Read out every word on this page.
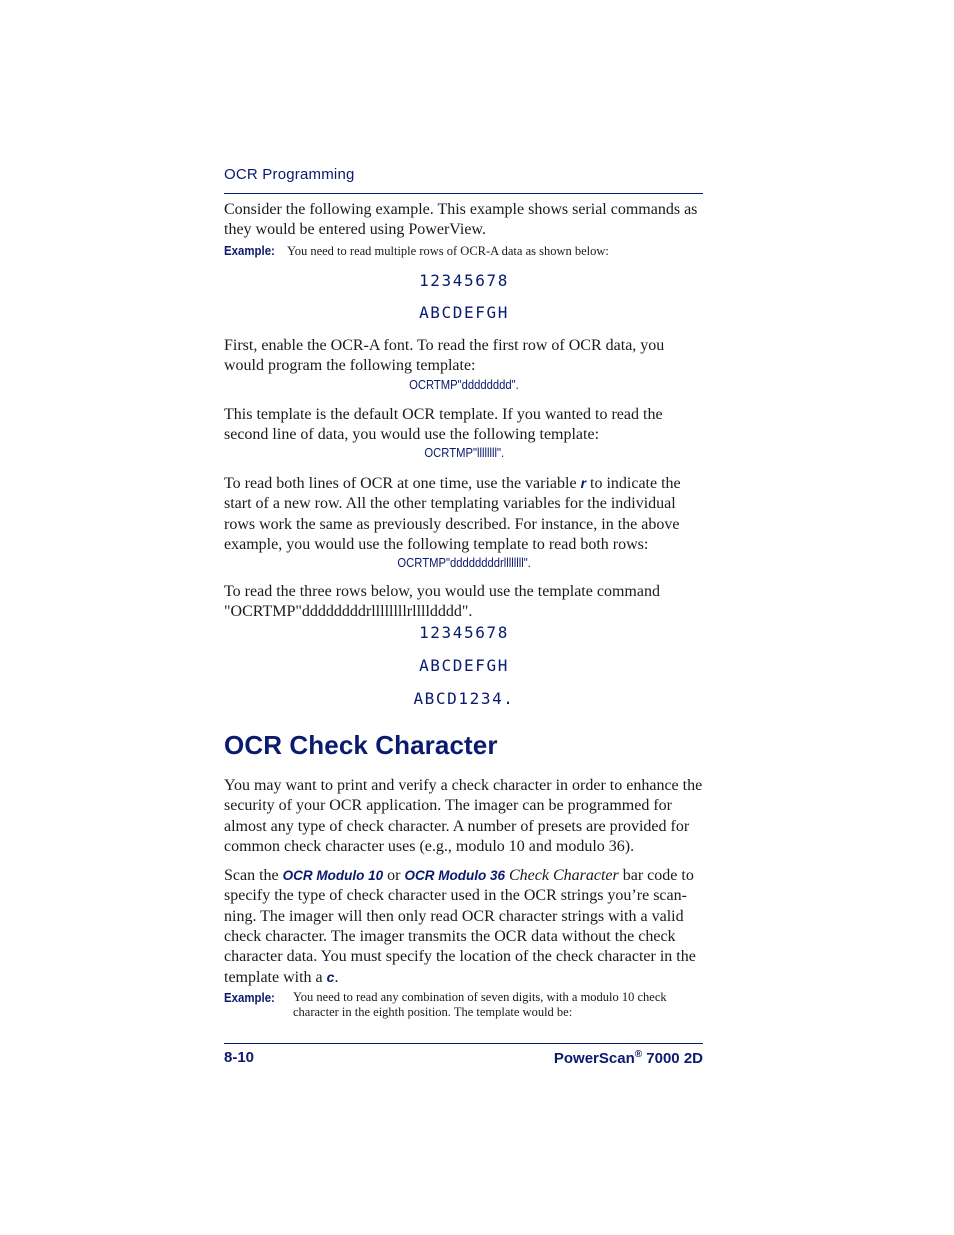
OCR Programming
Consider the following example. This example shows serial commands as they would be entered using PowerView.
Example: You need to read multiple rows of OCR-A data as shown below:
12345678
ABCDEFGH
First, enable the OCR-A font. To read the first row of OCR data, you would program the following template:
OCRTMP"dddddddd".
This template is the default OCR template. If you wanted to read the second line of data, you would use the following template:
OCRTMP"llllllll".
To read both lines of OCR at one time, use the variable r to indicate the start of a new row. All the other templating variables for the individual rows work the same as previously described. For instance, in the above example, you would use the following template to read both rows:
OCRTMP"ddddddddrllllllll".
To read the three rows below, you would use the template command "OCRTMP"ddddddddrllllllllrlllldddd".
12345678
ABCDEFGH
ABCD1234.
OCR Check Character
You may want to print and verify a check character in order to enhance the security of your OCR application. The imager can be programmed for almost any type of check character. A number of presets are provided for common check character uses (e.g., modulo 10 and modulo 36).
Scan the OCR Modulo 10 or OCR Modulo 36 Check Character bar code to specify the type of check character used in the OCR strings you’re scan-ning. The imager will then only read OCR character strings with a valid check character. The imager transmits the OCR data without the check character data. You must specify the location of the check character in the template with a c.
Example: You need to read any combination of seven digits, with a modulo 10 check character in the eighth position. The template would be:
8-10	PowerScan® 7000 2D
